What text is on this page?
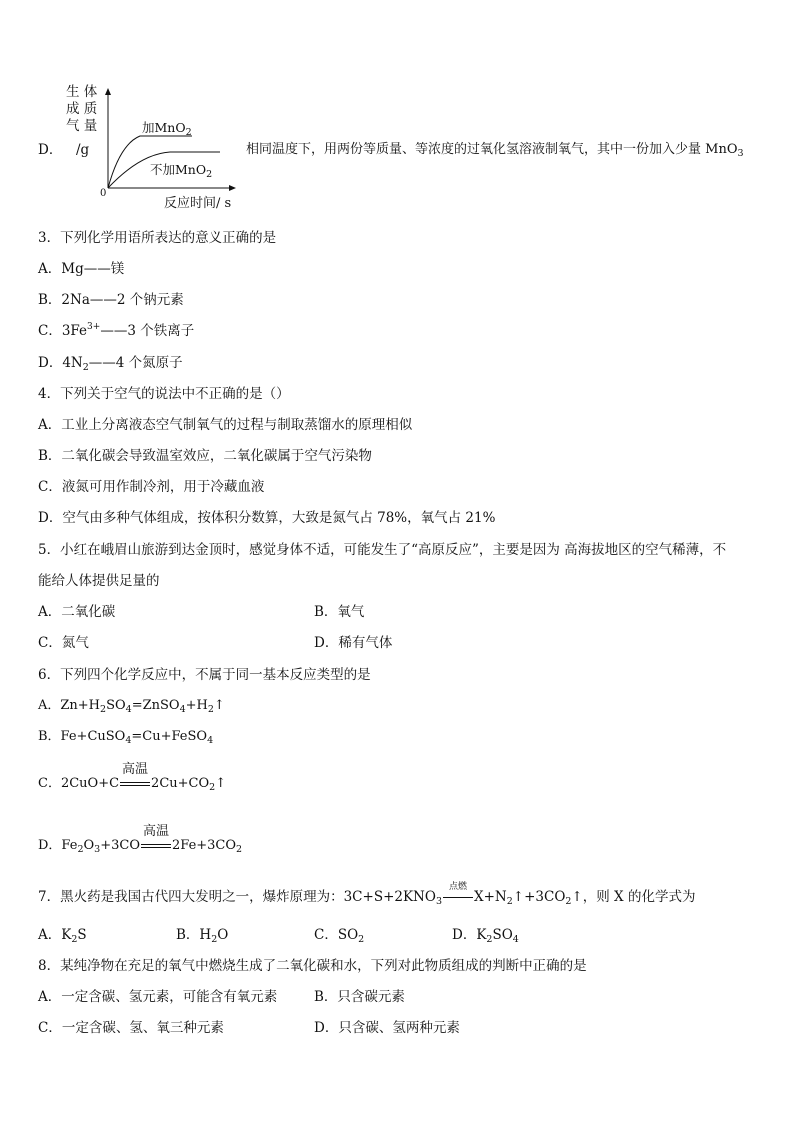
D．
生 体
成 质
气 量
/g
0
加MnO$_2$
不加MnO$_2$
反应时间/ s
相同温度下，用两份等质量、等浓度的过氧化氢溶液制氧气，其中一份加入少量 MnO$_3$
3．下列化学用语所表达的意义正确的是
A．Mg——镁
B．2Na——2 个钠元素
C．$3Fe^{3+}——3$ 个铁离子
D．$4N_2——4$ 个氮原子
4．下列关于空气的说法中不正确的是（）
A．工业上分离液态空气制氧气的过程与制取蒸馏水的原理相似
B．二氧化碳会导致温室效应，二氧化碳属于空气污染物
C．液氮可用作制冷剂，用于冷藏血液
D．空气由多种气体组成，按体积分数算，大致是氮气占 78%，氧气占 21%
5．小红在峨眉山旅游到达金顶时，感觉身体不适，可能发生了“高原反应”，主要是因为 高海拔地区的空气稀薄，不
能给人体提供足量的
A．二氧化碳	B．氧气
C．氮气	D．稀有气体
6．下列四个化学反应中，不属于同一基本反应类型的是
A．$Zn+H_2SO_4=ZnSO_4+H_2↑$
B．Fe+CuSO$_4$=Cu+FeSO$_4$
C．2CuO+C
高温
$2Cu+CO_2↑$
D．$Fe_2O_3+3CO$
高温
$2Fe+3CO_2$
7．黑火药是我国古代四大发明之一，爆炸原理为：$3C+S+2KNO_3$
点燃
$X+N_2↑+3CO_2↑$，则 X 的化学式为
A．$K_2S$	B．$H_2O$	C．$SO_2$	D．$K_2SO_4$
8．某纯净物在充足的氧气中燃烧生成了二氧化碳和水，下列对此物质组成的判断中正确的是
A．一定含碳、氢元素，可能含有氧元素	B．只含碳元素
C．一定含碳、氢、氧三种元素	D．只含碳、氢两种元素
